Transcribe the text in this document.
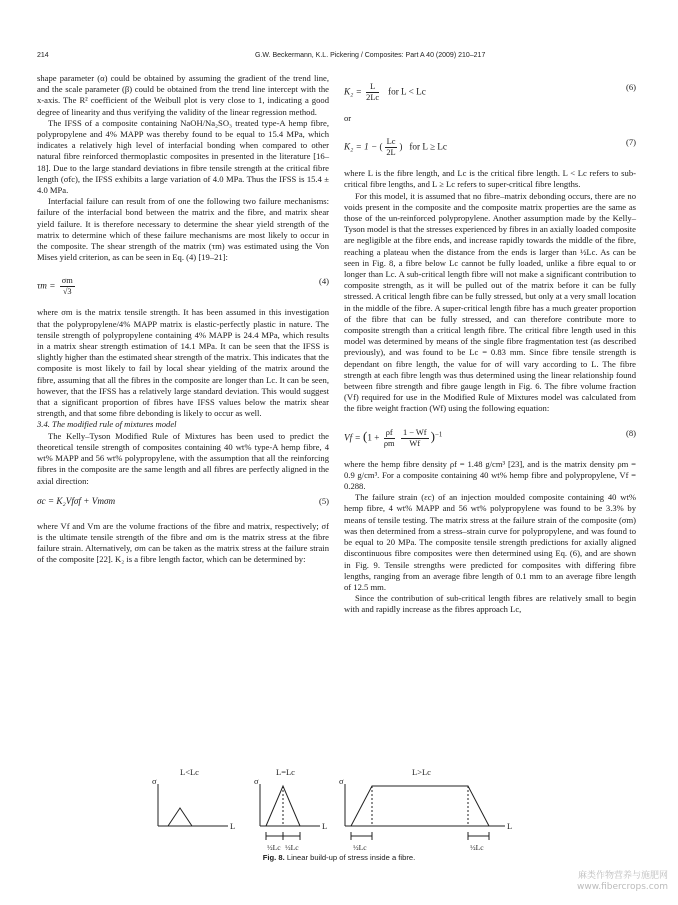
214	G.W. Beckermann, K.L. Pickering / Composites: Part A 40 (2009) 210–217

shape parameter (α) could be obtained by assuming the gradient of the trend line, and the scale parameter (β) could be obtained from the trend line intercept with the x-axis. The R² coefficient of the Weibull plot is very close to 1, indicating a good degree of linearity and thus verifying the validity of the linear regression method.

The IFSS of a composite containing NaOH/Na₂SO₃ treated type-A hemp fibre, polypropylene and 4% MAPP was thereby found to be equal to 15.4 MPa, which indicates a relatively high level of interfacial bonding when compared to other natural fibre reinforced thermoplastic composites in presented in the literature [16–18]. Due to the large standard deviations in fibre tensile strength at the critical fibre length (σfc), the IFSS exhibits a large variation of 4.0 MPa. Thus the IFSS is 15.4 ± 4.0 MPa.

Interfacial failure can result from of one the following two failure mechanisms: failure of the interfacial bond between the matrix and the fibre, and matrix shear yield failure. It is therefore necessary to determine the shear yield strength of the matrix to determine which of these failure mechanisms are most likely to occur in the composite. The shear strength of the matrix (τm) was estimated using the Von Mises yield criterion, as can be seen in Eq. (4) [19–21]:

$\tau m = \frac{\sigma m}{√3}$	(4)

where σm is the matrix tensile strength. It has been assumed in this investigation that the polypropylene/4% MAPP matrix is elastic-perfectly plastic in nature. The tensile strength of polypropylene containing 4% MAPP is 24.4 MPa, which results in a matrix shear strength estimation of 14.1 MPa. It can be seen that the IFSS is slightly higher than the estimated shear strength of the matrix. This indicates that the composite is most likely to fail by local shear yielding of the matrix around the fibre, assuming that all the fibres in the composite are longer than Lc. It can be seen, however, that the IFSS has a relatively large standard deviation. This would suggest that a significant proportion of fibres have IFSS values below the matrix shear strength, and that some fibre debonding is likely to occur as well.

3.4. The modified rule of mixtures model

The Kelly–Tyson Modified Rule of Mixtures has been used to predict the theoretical tensile strength of composites containing 40 wt% type-A hemp fibre, 4 wt% MAPP and 56 wt% polypropylene, with the assumption that all the reinforcing fibres in the composite are the same length and all fibres are perfectly aligned in the axial direction:

σc = K₂Vfσf + Vmσm	(5)

where Vf and Vm are the volume fractions of the fibre and matrix, respectively; σf is the ultimate tensile strength of the fibre and σm is the matrix stress at the fibre failure strain. Alternatively, σm can be taken as the matrix stress at the failure strain of the composite [22]. K₂ is a fibre length factor, which can be determined by:

$K_2 = \frac{L}{2Lc}$ for L < Lc	(6)

or

K₂ = 1 − ( $\frac{Lc}{2L}$ )   for L ≥ Lc	(7)

where L is the fibre length, and Lc is the critical fibre length. L < Lc refers to sub-critical fibre lengths, and L ≥ Lc refers to super-critical fibre lengths.

For this model, it is assumed that no fibre–matrix debonding occurs, there are no voids present in the composite and the composite matrix properties are the same as those of the un-reinforced polypropylene. Another assumption made by the Kelly–Tyson model is that the stresses experienced by fibres in an axially loaded composite are negligible at the fibre ends, and increase rapidly towards the middle of the fibre, reaching a plateau when the distance from the ends is larger than ½Lc. As can be seen in Fig. 8, a fibre below Lc cannot be fully loaded, unlike a fibre equal to or longer than Lc. A sub-critical length fibre will not make a significant contribution to composite strength, as it will be pulled out of the matrix before it can be fully stressed. A critical length fibre can be fully stressed, but only at a very small location in the middle of the fibre. A super-critical length fibre has a much greater proportion of the fibre that can be fully stressed, and can therefore contribute more to composite strength than a critical length fibre. The critical fibre length used in this model was determined by means of the single fibre fragmentation test (as described previously), and was found to be Lc = 0.83 mm. Since fibre tensile strength is dependant on fibre length, the value for σf will vary according to L. The fibre strength at each fibre length was thus determined using the linear relationship found between fibre strength and fibre gauge length in Fig. 6. The fibre volume fraction (Vf) required for use in the Modified Rule of Mixtures model was calculated from the fibre weight fraction (Wf) using the following equation:

$Vf = (1 + \frac{\rho f}{\rho m}$
$\frac{1 - Wf}{Wf} )^{-1}$	(8)

where the hemp fibre density ρf = 1.48 g/cm³ [23], and is the matrix density ρm = 0.9 g/cm³. For a composite containing 40 wt% hemp fibre and polypropylene, Vf = 0.288.

The failure strain (εc) of an injection moulded composite containing 40 wt% hemp fibre, 4 wt% MAPP and 56 wt% polypropylene was found to be 3.3% by means of tensile testing. The matrix stress at the failure strain of the composite (σm) was then determined from a stress–strain curve for polypropylene, and was found to be equal to 20 MPa. The composite tensile strength predictions for axially aligned discontinuous fibre composites were then determined using Eq. (6), and are shown in Fig. 9. Tensile strengths were predicted for composites with differing fibre lengths, ranging from an average fibre length of 0.1 mm to an average fibre length of 12.5 mm.

Since the contribution of sub-critical length fibres are relatively small to begin with and rapidly increase as the fibres approach Lc,

L<Lc	L=Lc	L>Lc
σ	σ	σ
L	L	L
½Lc ½Lc	½Lc	½Lc
Fig. 8. Linear build-up of stress inside a fibre.
麻类作物营养与施肥网
www.fibercrops.com
